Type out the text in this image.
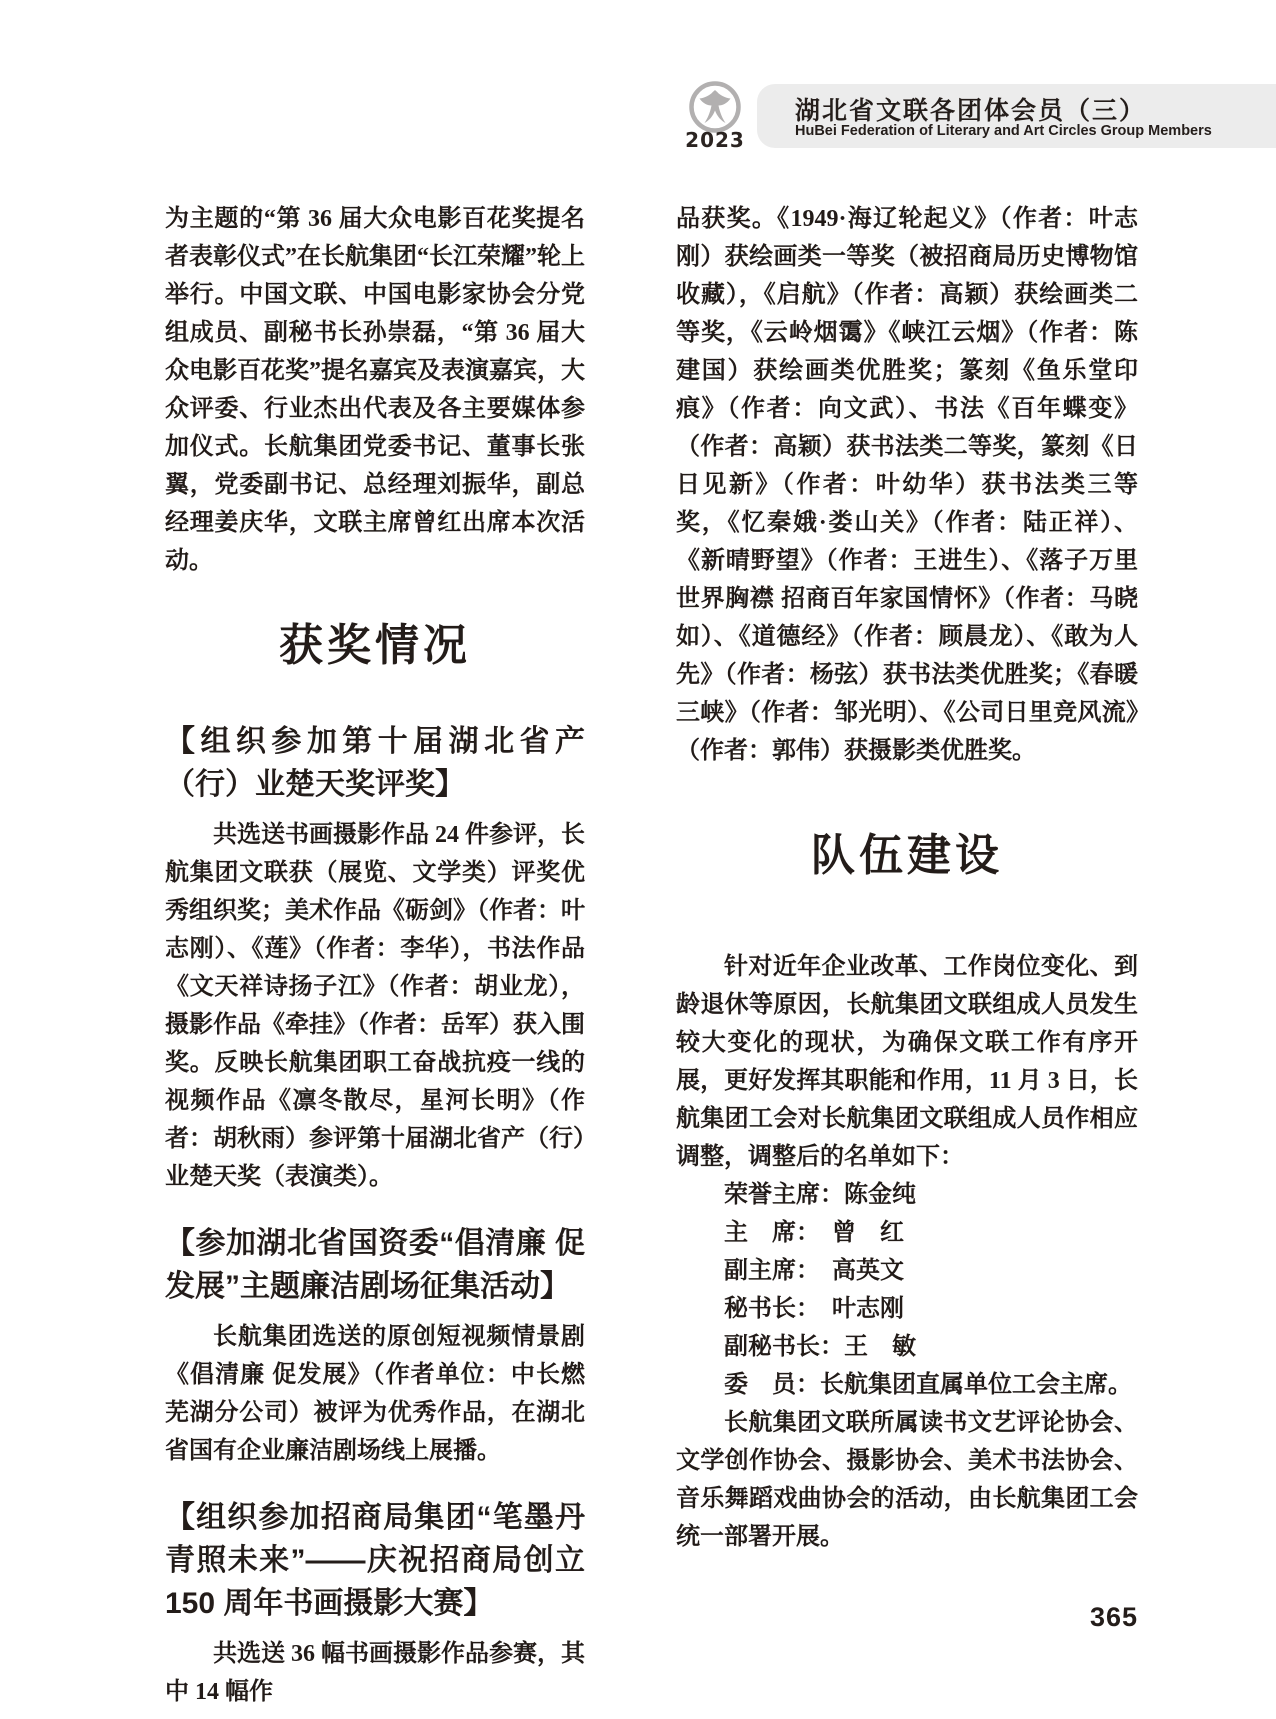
2023
湖北省文联各团体会员（三）
HuBei Federation of Literary and Art Circles Group Members

为主题的“第 36 届大众电影百花奖提名者表彰仪式”在长航集团“长江荣耀”轮上举行。中国文联、中国电影家协会分党组成员、副秘书长孙崇磊，“第 36 届大众电影百花奖”提名嘉宾及表演嘉宾，大众评委、行业杰出代表及各主要媒体参加仪式。长航集团党委书记、董事长张翼，党委副书记、总经理刘振华，副总经理姜庆华，文联主席曾红出席本次活动。

获奖情况
【组织参加第十届湖北省产（行）业楚天奖评奖】

共选送书画摄影作品 24 件参评，长航集团文联获（展览、文学类）评奖优秀组织奖；美术作品《砺剑》（作者：叶志刚）、《莲》（作者：李华），书法作品《文天祥诗扬子江》（作者：胡业龙），摄影作品《牵挂》（作者：岳军）获入围奖。反映长航集团职工奋战抗疫一线的视频作品《凛冬散尽，星河长明》（作者：胡秋雨）参评第十届湖北省产（行）业楚天奖（表演类）。

【参加湖北省国资委“倡清廉 促发展”主题廉洁剧场征集活动】

长航集团选送的原创短视频情景剧《倡清廉 促发展》（作者单位：中长燃芜湖分公司）被评为优秀作品，在湖北省国有企业廉洁剧场线上展播。

【组织参加招商局集团“笔墨丹青照未来”——庆祝招商局创立 150 周年书画摄影大赛】

共选送 36 幅书画摄影作品参赛，其中 14 幅作

品获奖。《1949·海辽轮起义》（作者：叶志刚）获绘画类一等奖（被招商局历史博物馆收藏），《启航》（作者：高颖）获绘画类二等奖，《云岭烟霭》《峡江云烟》（作者：陈建国）获绘画类优胜奖；篆刻《鱼乐堂印痕》（作者：向文武）、书法《百年蝶变》（作者：高颖）获书法类二等奖，篆刻《日日见新》（作者：叶幼华）获书法类三等奖，《忆秦娥·娄山关》（作者：陆正祥）、《新晴野望》（作者：王进生）、《落子万里世界胸襟 招商百年家国情怀》（作者：马晓如）、《道德经》（作者：顾晨龙）、《敢为人先》（作者：杨弦）获书法类优胜奖；《春暖三峡》（作者：邹光明）、《公司日里竞风流》（作者：郭伟）获摄影类优胜奖。

队伍建设

针对近年企业改革、工作岗位变化、到龄退休等原因，长航集团文联组成人员发生较大变化的现状，为确保文联工作有序开展，更好发挥其职能和作用，11 月 3 日，长航集团工会对长航集团文联组成人员作相应调整，调整后的名单如下：

荣誉主席：陈金纯
主　席：　曾　红
副主席：　高英文
秘书长：　叶志刚
副秘书长：王　敏
委　员：长航集团直属单位工会主席。

长航集团文联所属读书文艺评论协会、文学创作协会、摄影协会、美术书法协会、音乐舞蹈戏曲协会的活动，由长航集团工会统一部署开展。

365
